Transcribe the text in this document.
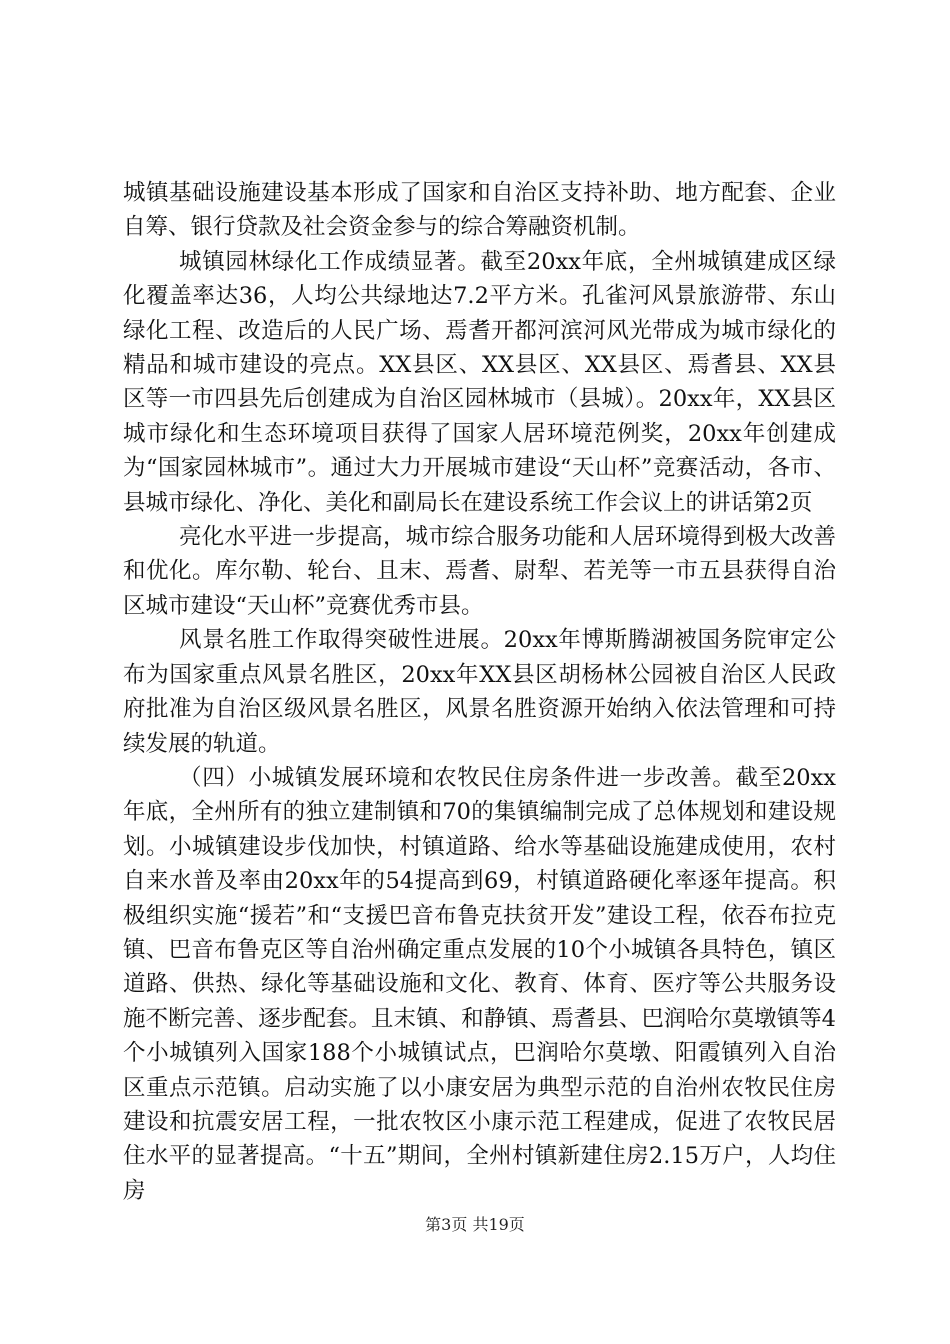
城镇基础设施建设基本形成了国家和自治区支持补助、地方配套、企业自筹、银行贷款及社会资金参与的综合筹融资机制。

城镇园林绿化工作成绩显著。截至20xx年底，全州城镇建成区绿化覆盖率达36，人均公共绿地达7.2平方米。孔雀河风景旅游带、东山绿化工程、改造后的人民广场、焉耆开都河滨河风光带成为城市绿化的精品和城市建设的亮点。XX县区、XX县区、XX县区、焉耆县、XX县区等一市四县先后创建成为自治区园林城市（县城）。20xx年，XX县区城市绿化和生态环境项目获得了国家人居环境范例奖，20xx年创建成为“国家园林城市”。通过大力开展城市建设“天山杯”竞赛活动，各市、县城市绿化、净化、美化和副局长在建设系统工作会议上的讲话第2页

亮化水平进一步提高，城市综合服务功能和人居环境得到极大改善和优化。库尔勒、轮台、且末、焉耆、尉犁、若羌等一市五县获得自治区城市建设“天山杯”竞赛优秀市县。

风景名胜工作取得突破性进展。20xx年博斯腾湖被国务院审定公布为国家重点风景名胜区，20xx年XX县区胡杨林公园被自治区人民政府批准为自治区级风景名胜区，风景名胜资源开始纳入依法管理和可持续发展的轨道。

（四）小城镇发展环境和农牧民住房条件进一步改善。截至20xx年底，全州所有的独立建制镇和70的集镇编制完成了总体规划和建设规划。小城镇建设步伐加快，村镇道路、给水等基础设施建成使用，农村自来水普及率由20xx年的54提高到69，村镇道路硬化率逐年提高。积极组织实施“援若”和“支援巴音布鲁克扶贫开发”建设工程，依吞布拉克镇、巴音布鲁克区等自治州确定重点发展的10个小城镇各具特色，镇区道路、供热、绿化等基础设施和文化、教育、体育、医疗等公共服务设施不断完善、逐步配套。且末镇、和静镇、焉耆县、巴润哈尔莫墩镇等4个小城镇列入国家188个小城镇试点，巴润哈尔莫墩、阳霞镇列入自治区重点示范镇。启动实施了以小康安居为典型示范的自治州农牧民住房建设和抗震安居工程，一批农牧区小康示范工程建成，促进了农牧民居住水平的显著提高。“十五”期间，全州村镇新建住房2.15万户，人均住房

第3页 共19页
